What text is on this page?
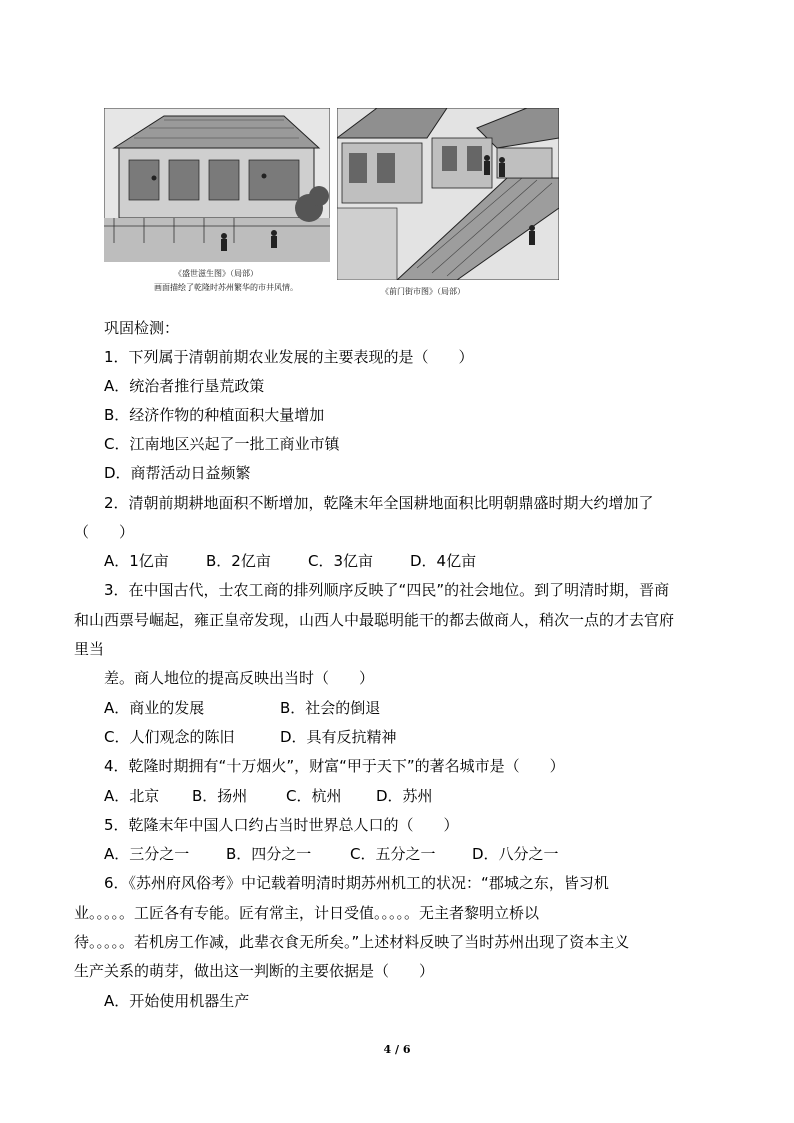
《盛世滋生图》（局部）
画面描绘了乾隆时苏州繁华的市井风情。	《前门街市图》（局部）
巩固检测：
1．下列属于清朝前期农业发展的主要表现的是（　　）
A．统治者推行垦荒政策
B．经济作物的种植面积大量增加
C．江南地区兴起了一批工商业市镇
D．商帮活动日益频繁
2．清朝前期耕地面积不断增加，乾隆末年全国耕地面积比明朝鼎盛时期大约增加了
（　　）
A．1亿亩 B．2亿亩 C．3亿亩 D．4亿亩
3．在中国古代，士农工商的排列顺序反映了“四民”的社会地位。到了明清时期，晋商
和山西票号崛起，雍正皇帝发现，山西人中最聪明能干的都去做商人，稍次一点的才去官府
里当
差。商人地位的提高反映出当时（　　）
A．商业的发展	B．社会的倒退
C．人们观念的陈旧	D．具有反抗精神
4．乾隆时期拥有“十万烟火”，财富“甲于天下”的著名城市是（　　）
A．北京 B．扬州	C．杭州 D．苏州
5．乾隆末年中国人口约占当时世界总人口的（　　）
A．三分之一 B．四分之一	C．五分之一 D．八分之一
6．《苏州府风俗考》中记载着明清时期苏州机工的状况：“郡城之东，皆习机
业。。。。。工匠各有专能。匠有常主，计日受值。。。。。无主者黎明立桥以
待。。。。。若机房工作减，此辈衣食无所矣。”上述材料反映了当时苏州出现了资本主义
生产关系的萌芽，做出这一判断的主要依据是（　　）
A．开始使用机器生产
4 / 6
